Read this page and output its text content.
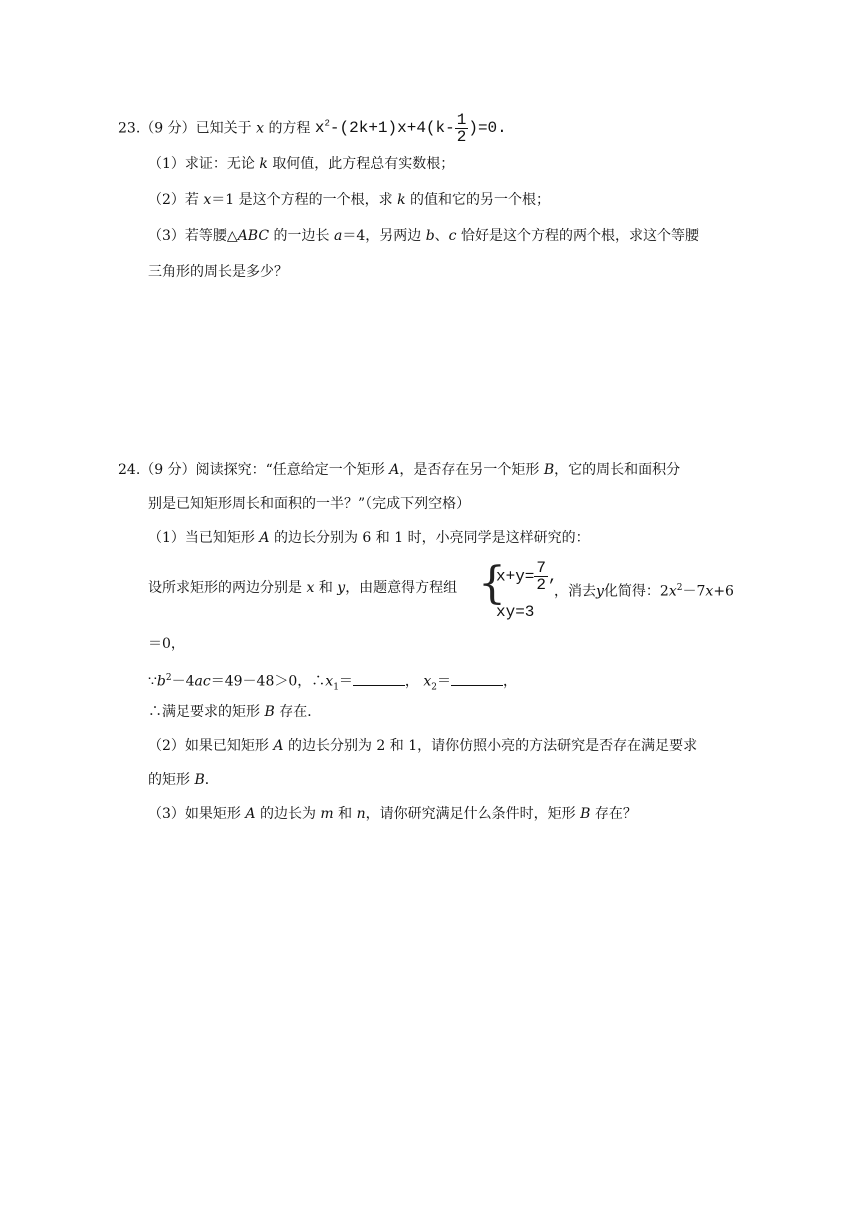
23.（9 分）已知关于 x 的方程 $x^2-(2k+1)x+4(k- \frac{1}{2} )=0$.
（1）求证：无论 k 取何值，此方程总有实数根；
（2）若 x＝1 是这个方程的一个根，求 k 的值和它的另一个根；
（3）若等腰△ABC 的一边长 a＝4，另两边 b、c 恰好是这个方程的两个根，求这个等腰
三角形的周长是多少？
24.（9 分）阅读探究：“任意给定一个矩形 A，是否存在另一个矩形 B，它的周长和面积分
别是已知矩形周长和面积的一半？”（完成下列空格）
（1）当已知矩形 A 的边长分别为 6 和 1 时，小亮同学是这样研究的：
设所求矩形的两边分别是 x 和 y，由题意得方程组 {
$x+y= \frac{7}{2}$ ,
xy=3
，消去y化简得：$2x^2-7x+6$
＝0，
$\because b^2-4ac=49-48>0$，$\therefore x_1=$	， $x_2=$	，
∴满足要求的矩形 B 存在．
（2）如果已知矩形 A 的边长分别为 2 和 1，请你仿照小亮的方法研究是否存在满足要求
的矩形 B．
（3）如果矩形 A 的边长为 m 和 n，请你研究满足什么条件时，矩形 B 存在？
